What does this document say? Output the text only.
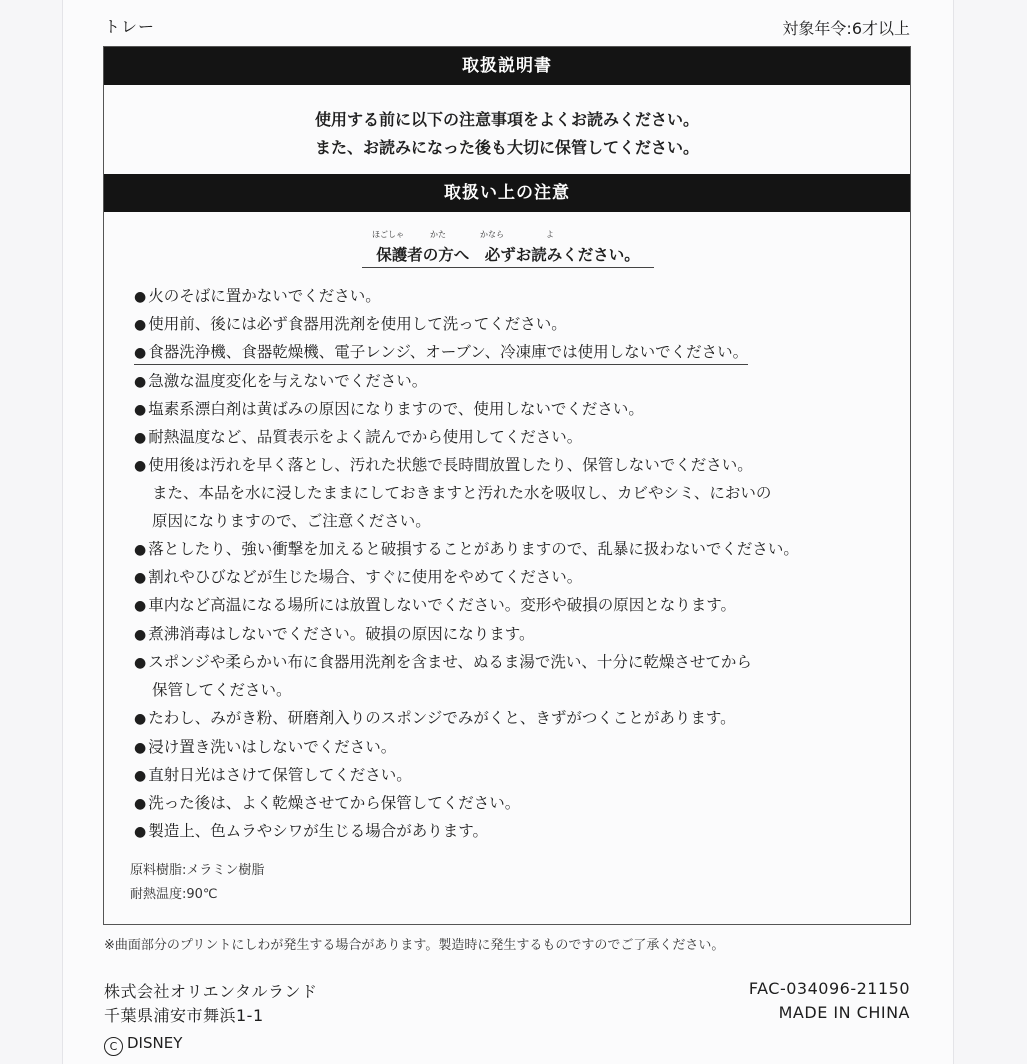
トレー	対象年令:6才以上
取扱説明書
使用する前に以下の注意事項をよくお読みください。
また、お読みになった後も大切に保管してください。
取扱い上の注意
ほごしゃ	かた	かなら	よ
保護者の方へ　必ずお読みください。
● 火のそばに置かないでください。
● 使用前、後には必ず食器用洗剤を使用して洗ってください。
● 食器洗浄機、食器乾燥機、電子レンジ、オーブン、冷凍庫では使用しないでください。
● 急激な温度変化を与えないでください。
● 塩素系漂白剤は黄ばみの原因になりますので、使用しないでください。
● 耐熱温度など、品質表示をよく読んでから使用してください。
● 使用後は汚れを早く落とし、汚れた状態で長時間放置したり、保管しないでください。
また、本品を水に浸したままにしておきますと汚れた水を吸収し、カビやシミ、においの
原因になりますので、ご注意ください。
● 落としたり、強い衝撃を加えると破損することがありますので、乱暴に扱わないでください。
● 割れやひびなどが生じた場合、すぐに使用をやめてください。
● 車内など高温になる場所には放置しないでください。変形や破損の原因となります。
● 煮沸消毒はしないでください。破損の原因になります。
● スポンジや柔らかい布に食器用洗剤を含ませ、ぬるま湯で洗い、十分に乾燥させてから
保管してください。
● たわし、みがき粉、研磨剤入りのスポンジでみがくと、きずがつくことがあります。
● 浸け置き洗いはしないでください。
● 直射日光はさけて保管してください。
● 洗った後は、よく乾燥させてから保管してください。
● 製造上、色ムラやシワが生じる場合があります。
原料樹脂:メラミン樹脂
耐熱温度:90℃
※曲面部分のプリントにしわが発生する場合があります。製造時に発生するものですのでご了承ください。
株式会社オリエンタルランド
千葉県浦安市舞浜1-1
FAC-034096-21150
MADE IN CHINA
C DISNEY
